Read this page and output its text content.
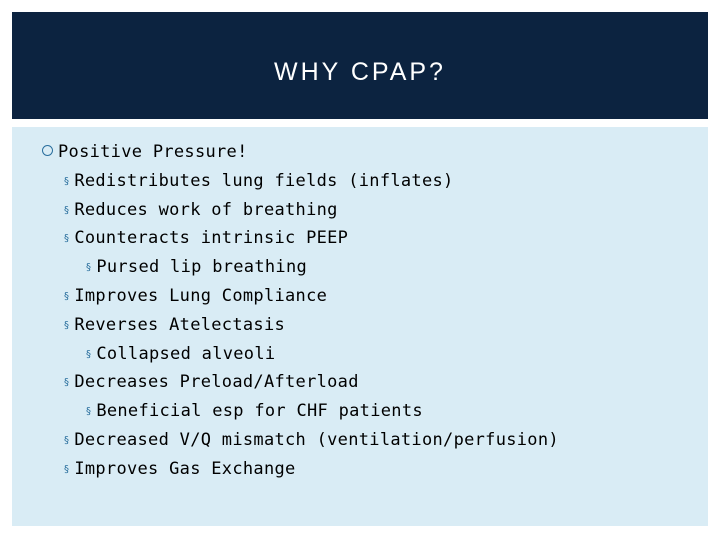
WHY CPAP?
Positive Pressure!
§ Redistributes lung fields (inflates)
§ Reduces work of breathing
§ Counteracts intrinsic PEEP
§ Pursed lip breathing
§ Improves Lung Compliance
§ Reverses Atelectasis
§ Collapsed alveoli
§ Decreases Preload/Afterload
§ Beneficial esp for CHF patients
§ Decreased V/Q mismatch (ventilation/perfusion)
§ Improves Gas Exchange
